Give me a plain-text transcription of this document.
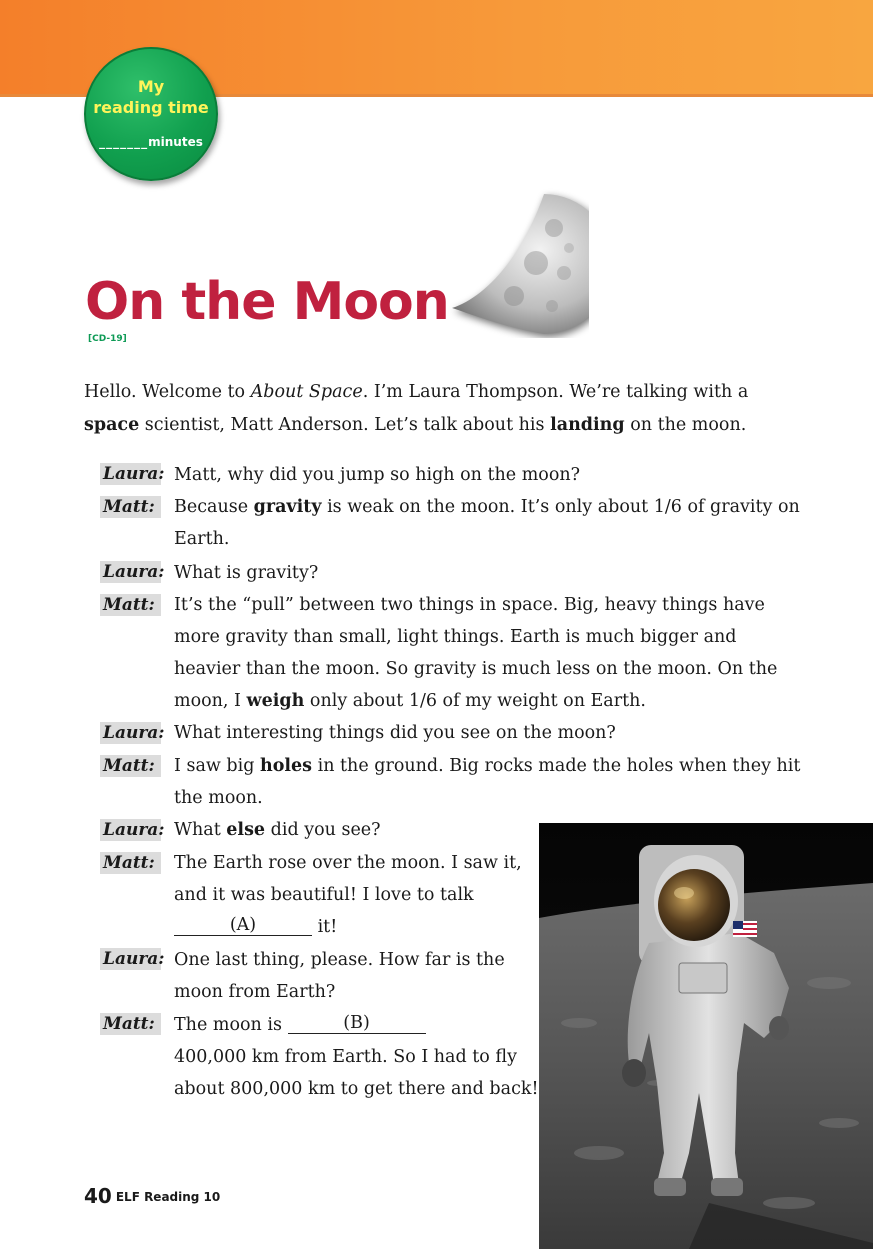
My
reading time
_______minutes
On the Moon
[CD-19]
Hello. Welcome to About Space. I’m Laura Thompson. We’re talking with a
space scientist, Matt Anderson. Let’s talk about his landing on the moon.
Laura: Matt, why did you jump so high on the moon?
Matt:	Because gravity is weak on the moon. It’s only about 1/6 of gravity on
Earth.
Laura: What is gravity?
Matt:	It’s the “pull” between two things in space. Big, heavy things have
more gravity than small, light things. Earth is much bigger and
heavier than the moon. So gravity is much less on the moon. On the
moon, I weigh only about 1/6 of my weight on Earth.
Laura: What interesting things did you see on the moon?
Matt:	I saw big holes in the ground. Big rocks made the holes when they hit
the moon.
Laura: What else did you see?
Matt:	The Earth rose over the moon. I saw it,
and it was beautiful! I love to talk
(A)	it!
Laura: One last thing, please. How far is the
moon from Earth?
Matt:	The moon is	(B)
400,000 km from Earth. So I had to fly
about 800,000 km to get there and back!
40 ELF Reading 10
